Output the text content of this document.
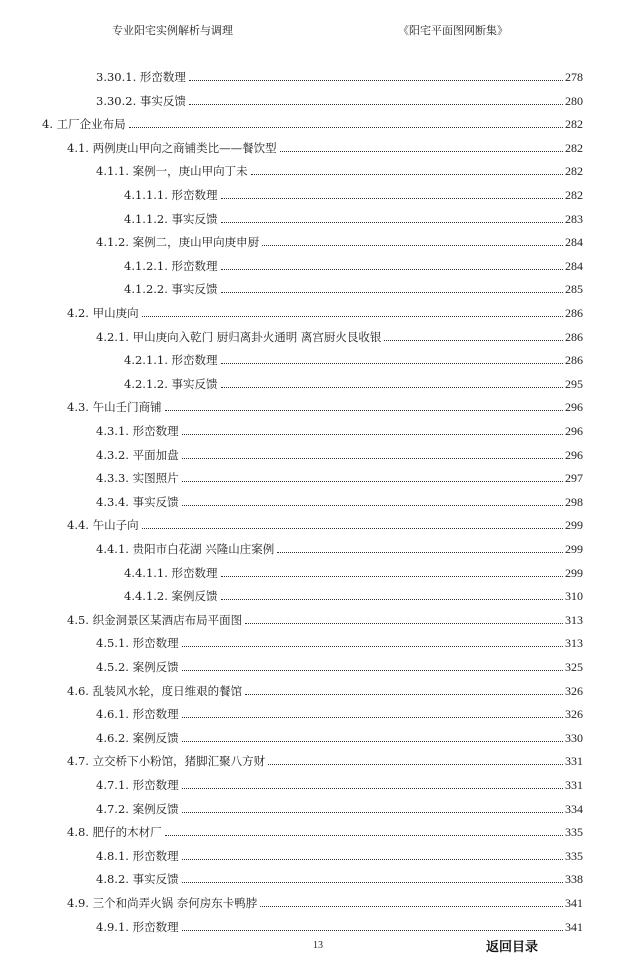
专业阳宅实例解析与调理	《阳宅平面图网断集》
3.30.1. 形峦数理	278
3.30.2. 事实反馈	280
4. 工厂企业布局	282
4.1. 两例庚山甲向之商铺类比——餐饮型	282
4.1.1. 案例一，庚山甲向丁未	282
4.1.1.1. 形峦数理	282
4.1.1.2. 事实反馈	283
4.1.2. 案例二，庚山甲向庚申厨	284
4.1.2.1. 形峦数理	284
4.1.2.2. 事实反馈	285
4.2. 甲山庚向	286
4.2.1. 甲山庚向入乾门 厨归离卦火通明 离宫厨火艮收银	286
4.2.1.1. 形峦数理	286
4.2.1.2. 事实反馈	295
4.3. 午山壬门商铺	296
4.3.1. 形峦数理	296
4.3.2. 平面加盘	296
4.3.3. 实图照片	297
4.3.4. 事实反馈	298
4.4. 午山子向	299
4.4.1. 贵阳市白花湖 兴隆山庄案例	299
4.4.1.1. 形峦数理	299
4.4.1.2. 案例反馈	310
4.5. 织金洞景区某酒店布局平面图	313
4.5.1. 形峦数理	313
4.5.2. 案例反馈	325
4.6. 乱装风水轮，度日维艰的餐馆	326
4.6.1. 形峦数理	326
4.6.2. 案例反馈	330
4.7. 立交桥下小粉馆，猪脚汇聚八方财	331
4.7.1. 形峦数理	331
4.7.2. 案例反馈	334
4.8. 肥仔的木材厂	335
4.8.1. 形峦数理	335
4.8.2. 事实反馈	338
4.9. 三个和尚弄火锅 奈何房东卡鸭脖	341
4.9.1. 形峦数理	341
13	返回目录
